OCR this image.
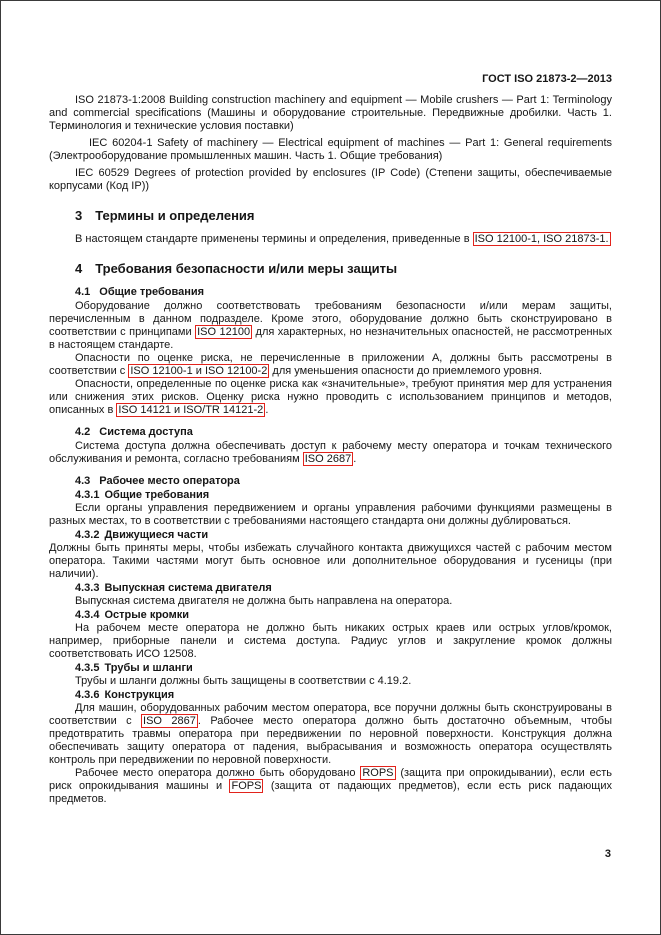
ГОСТ ISO 21873-2—2013

ISO 21873-1:2008 Building construction machinery and equipment — Mobile crushers — Part 1: Terminology and commercial specifications (Машины и оборудование строительные. Передвижные дробилки. Часть 1. Терминология и технические условия поставки)

IEC 60204-1 Safety of machinery — Electrical equipment of machines — Part 1: General requirements (Электрооборудование промышленных машин. Часть 1. Общие требования)

IEC 60529 Degrees of protection provided by enclosures (IP Code) (Степени защиты, обеспечиваемые корпусами (Код IP))

3 Термины и определения

В настоящем стандарте применены термины и определения, приведенные в ISO 12100-1, ISO 21873-1.

4 Требования безопасности и/или меры защиты
4.1 Общие требования

Оборудование должно соответствовать требованиям безопасности и/или мерам защиты, перечисленным в данном подразделе. Кроме этого, оборудование должно быть сконструировано в соответствии с принципами ISO 12100 для характерных, но незначительных опасностей, не рассмотренных в настоящем стандарте.

Опасности по оценке риска, не перечисленные в приложении А, должны быть рассмотрены в соответствии с ISO 12100-1 и ISO 12100-2 для уменьшения опасности до приемлемого уровня.

Опасности, определенные по оценке риска как «значительные», требуют принятия мер для устранения или снижения этих рисков. Оценку риска нужно проводить с использованием принципов и методов, описанных в ISO 14121 и ISO/TR 14121-2 .

4.2 Система доступа

Система доступа должна обеспечивать доступ к рабочему месту оператора и точкам технического обслуживания и ремонта, согласно требованиям ISO 2687 .

4.3 Рабочее место оператора
4.3.1 Общие требования

Если органы управления передвижением и органы управления рабочими функциями размещены в разных местах, то в соответствии с требованиями настоящего стандарта они должны дублироваться.

4.3.2 Движущиеся части

Должны быть приняты меры, чтобы избежать случайного контакта движущихся частей с рабочим местом оператора. Такими частями могут быть основное или дополнительное оборудования и гусеницы (при наличии).

4.3.3 Выпускная система двигателя

Выпускная система двигателя не должна быть направлена на оператора.

4.3.4 Острые кромки

На рабочем месте оператора не должно быть никаких острых краев или острых углов/кромок, например, приборные панели и система доступа. Радиус углов и закругление кромок должны соответствовать ИСО 12508.

4.3.5 Трубы и шланги

Трубы и шланги должны быть защищены в соответствии с 4.19.2.

4.3.6 Конструкция

Для машин, оборудованных рабочим местом оператора, все поручни должны быть сконструированы в соответствии с ISO 2867 . Рабочее место оператора должно быть достаточно объемным, чтобы предотвратить травмы оператора при передвижении по неровной поверхности. Конструкция должна обеспечивать защиту оператора от падения, выбрасывания и возможность оператора осуществлять контроль при передвижении по неровной поверхности.

Рабочее место оператора должно быть оборудовано ROPS (защита при опрокидывании), если есть риск опрокидывания машины и FOPS (защита от падающих предметов), если есть риск падающих предметов.

3
